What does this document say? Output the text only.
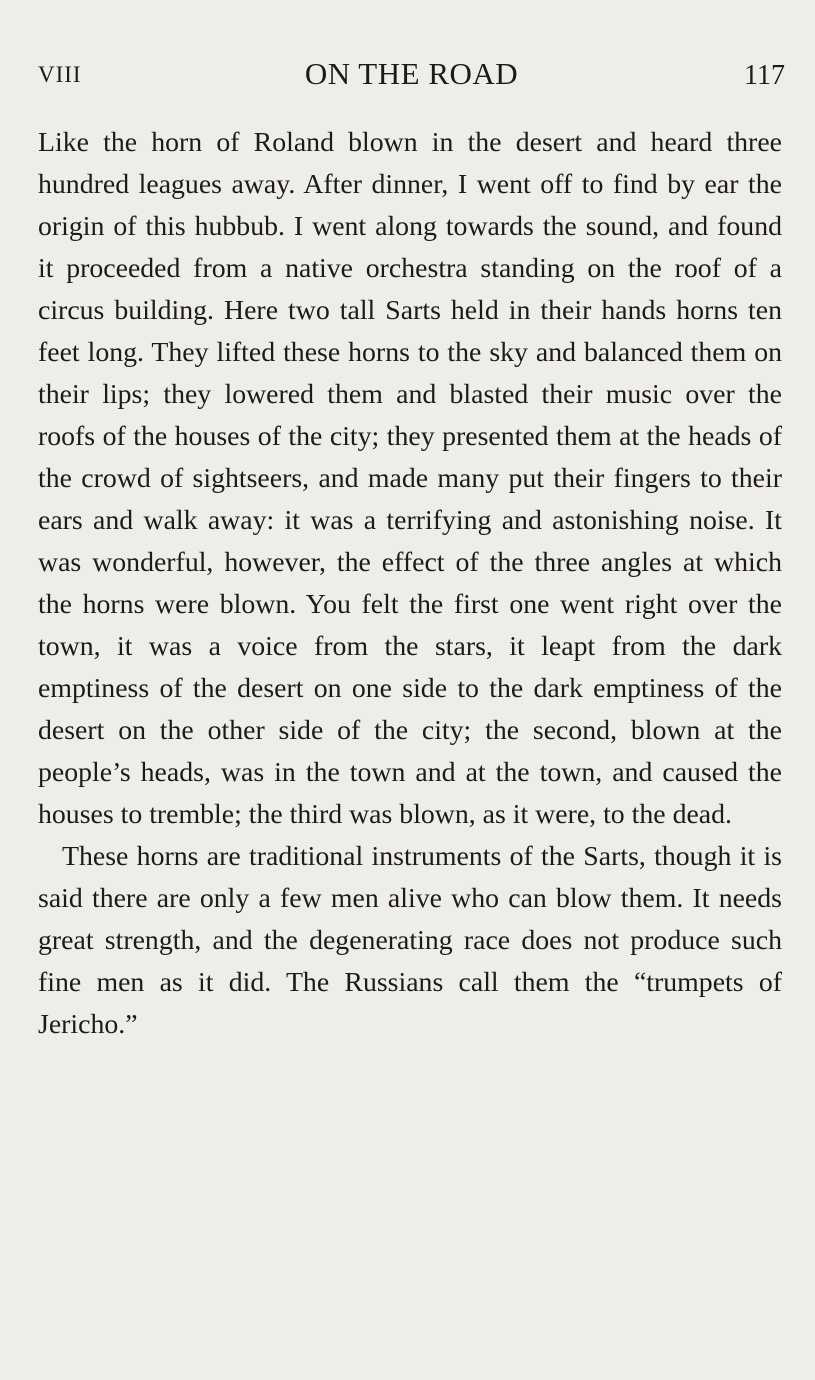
VIII	ON THE ROAD	117

Like the horn of Roland blown in the desert and heard three hundred leagues away. After dinner, I went off to find by ear the origin of this hubbub. I went along towards the sound, and found it proceeded from a native orchestra standing on the roof of a circus building. Here two tall Sarts held in their hands horns ten feet long. They lifted these horns to the sky and balanced them on their lips; they lowered them and blasted their music over the roofs of the houses of the city; they presented them at the heads of the crowd of sightseers, and made many put their fingers to their ears and walk away: it was a terrifying and astonishing noise. It was wonderful, however, the effect of the three angles at which the horns were blown. You felt the first one went right over the town, it was a voice from the stars, it leapt from the dark emptiness of the desert on one side to the dark emptiness of the desert on the other side of the city; the second, blown at the people’s heads, was in the town and at the town, and caused the houses to tremble; the third was blown, as it were, to the dead.

These horns are traditional instruments of the Sarts, though it is said there are only a few men alive who can blow them. It needs great strength, and the degenerating race does not produce such fine men as it did. The Russians call them the “trumpets of Jericho.”
